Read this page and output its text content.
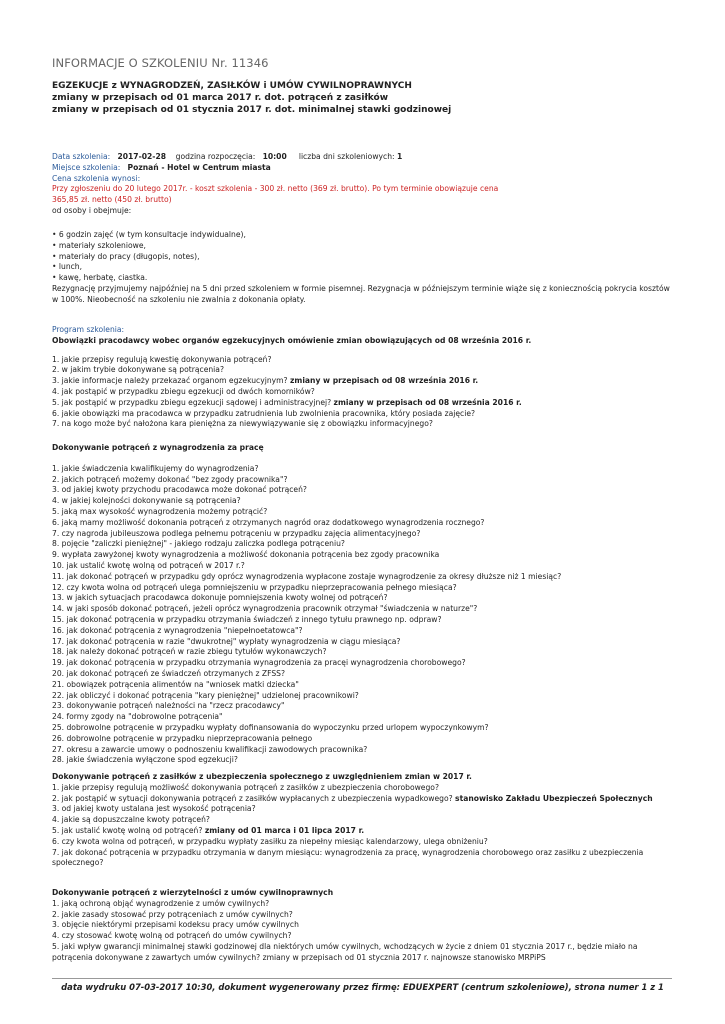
INFORMACJE O SZKOLENIU Nr. 11346
EGZEKUCJE z WYNAGRODZEŃ, ZASIŁKÓW i UMÓW CYWILNOPRAWNYCH
zmiany w przepisach od 01 marca 2017 r. dot. potrąceń z zasiłków
zmiany w przepisach od 01 stycznia 2017 r. dot. minimalnej stawki godzinowej
Data szkolenia: 2017-02-28 godzina rozpoczęcia: 10:00 liczba dni szkoleniowych: 1
Miejsce szkolenia: Poznań - Hotel w Centrum miasta
Cena szkolenia wynosi:
Przy zgłoszeniu do 20 lutego 2017r. - koszt szkolenia - 300 zł. netto (369 zł. brutto). Po tym terminie obowiązuje cena
365,85 zł. netto (450 zł. brutto)
od osoby i obejmuje:
• 6 godzin zajęć (w tym konsultacje indywidualne),
• materiały szkoleniowe,
• materiały do pracy (długopis, notes),
• lunch,
• kawę, herbatę, ciastka.
Rezygnację przyjmujemy najpóźniej na 5 dni przed szkoleniem w formie pisemnej. Rezygnacja w późniejszym terminie wiąże się z koniecznością pokrycia kosztów w 100%. Nieobecność na szkoleniu nie zwalnia z dokonania opłaty.
Program szkolenia:
Obowiązki pracodawcy wobec organów egzekucyjnych omówienie zmian obowiązujących od 08 września 2016 r.
1. jakie przepisy regulują kwestię dokonywania potrąceń?
2. w jakim trybie dokonywane są potrącenia?
3. jakie informacje należy przekazać organom egzekucyjnym? zmiany w przepisach od 08 września 2016 r.
4. jak postąpić w przypadku zbiegu egzekucji od dwóch komorników?
5. jak postąpić w przypadku zbiegu egzekucji sądowej i administracyjnej? zmiany w przepisach od 08 września 2016 r.
6. jakie obowiązki ma pracodawca w przypadku zatrudnienia lub zwolnienia pracownika, który posiada zajęcie?
7. na kogo może być nałożona kara pieniężna za niewywiązywanie się z obowiązku informacyjnego?
Dokonywanie potrąceń z wynagrodzenia za pracę
1. jakie świadczenia kwalifikujemy do wynagrodzenia?
2. jakich potrąceń możemy dokonać "bez zgody pracownika"?
3. od jakiej kwoty przychodu pracodawca może dokonać potrąceń?
4. w jakiej kolejności dokonywanie są potrącenia?
5. jaką max wysokość wynagrodzenia możemy potrącić?
6. jaką mamy możliwość dokonania potrąceń z otrzymanych nagród oraz dodatkowego wynagrodzenia rocznego?
7. czy nagroda jubileuszowa podlega pełnemu potrąceniu w przypadku zajęcia alimentacyjnego?
8. pojęcie "zaliczki pieniężnej" - jakiego rodzaju zaliczka podlega potrąceniu?
9. wypłata zawyżonej kwoty wynagrodzenia a możliwość dokonania potrącenia bez zgody pracownika
10. jak ustalić kwotę wolną od potrąceń w 2017 r.?
11. jak dokonać potrąceń w przypadku gdy oprócz wynagrodzenia wypłacone zostaje wynagrodzenie za okresy dłuższe niż 1 miesiąc?
12. czy kwota wolna od potrąceń ulega pomniejszeniu w przypadku nieprzepracowania pełnego miesiąca?
13. w jakich sytuacjach pracodawca dokonuje pomniejszenia kwoty wolnej od potrąceń?
14. w jaki sposób dokonać potrąceń, jeżeli oprócz wynagrodzenia pracownik otrzymał "świadczenia w naturze"?
15. jak dokonać potrącenia w przypadku otrzymania świadczeń z innego tytułu prawnego np. odpraw?
16. jak dokonać potrącenia z wynagrodzenia "niepełnoetatowca"?
17. jak dokonać potrącenia w razie "dwukrotnej" wypłaty wynagrodzenia w ciągu miesiąca?
18. jak należy dokonać potrąceń w razie zbiegu tytułów wykonawczych?
19. jak dokonać potrącenia w przypadku otrzymania wynagrodzenia za pracęi wynagrodzenia chorobowego?
20. jak dokonać potrąceń ze świadczeń otrzymanych z ZFSS?
21. obowiązek potrącenia alimentów na "wniosek matki dziecka"
22. jak obliczyć i dokonać potrącenia "kary pieniężnej" udzielonej pracownikowi?
23. dokonywanie potrąceń należności na "rzecz pracodawcy"
24. formy zgody na "dobrowolne potrącenia"
25. dobrowolne potrącenie w przypadku wypłaty dofinansowania do wypoczynku przed urlopem wypoczynkowym?
26. dobrowolne potrącenie w przypadku nieprzepracowania pełnego
27. okresu a zawarcie umowy o podnoszeniu kwalifikacji zawodowych pracownika?
28. jakie świadczenia wyłączone spod egzekucji?
Dokonywanie potrąceń z zasiłków z ubezpieczenia społecznego z uwzględnieniem zmian w 2017 r.
1. jakie przepisy regulują możliwość dokonywania potrąceń z zasiłków z ubezpieczenia chorobowego?
2. jak postąpić w sytuacji dokonywania potrąceń z zasiłków wypłacanych z ubezpieczenia wypadkowego? stanowisko Zakładu Ubezpieczeń Społecznych
3. od jakiej kwoty ustalana jest wysokość potrącenia?
4. jakie są dopuszczalne kwoty potrąceń?
5. jak ustalić kwotę wolną od potrąceń? zmiany od 01 marca i 01 lipca 2017 r.
6. czy kwota wolna od potrąceń, w przypadku wypłaty zasiłku za niepełny miesiąc kalendarzowy, ulega obniżeniu?
7. jak dokonać potrącenia w przypadku otrzymania w danym miesiącu: wynagrodzenia za pracę, wynagrodzenia chorobowego oraz zasiłku z ubezpieczenia społecznego?
Dokonywanie potrąceń z wierzytelności z umów cywilnoprawnych
1. jaką ochroną objąć wynagrodzenie z umów cywilnych?
2. jakie zasady stosować przy potrąceniach z umów cywilnych?
3. objęcie niektórymi przepisami kodeksu pracy umów cywilnych
4. czy stosować kwotę wolną od potrąceń do umów cywilnych?
5. jaki wpływ gwarancji minimalnej stawki godzinowej dla niektórych umów cywilnych, wchodzących w życie z dniem 01 stycznia 2017 r., będzie miało na potrącenia dokonywane z zawartych umów cywilnych? zmiany w przepisach od 01 stycznia 2017 r. najnowsze stanowisko MRPiPS
data wydruku 07-03-2017 10:30, dokument wygenerowany przez firmę: EDUEXPERT (centrum szkoleniowe), strona numer 1 z 1
